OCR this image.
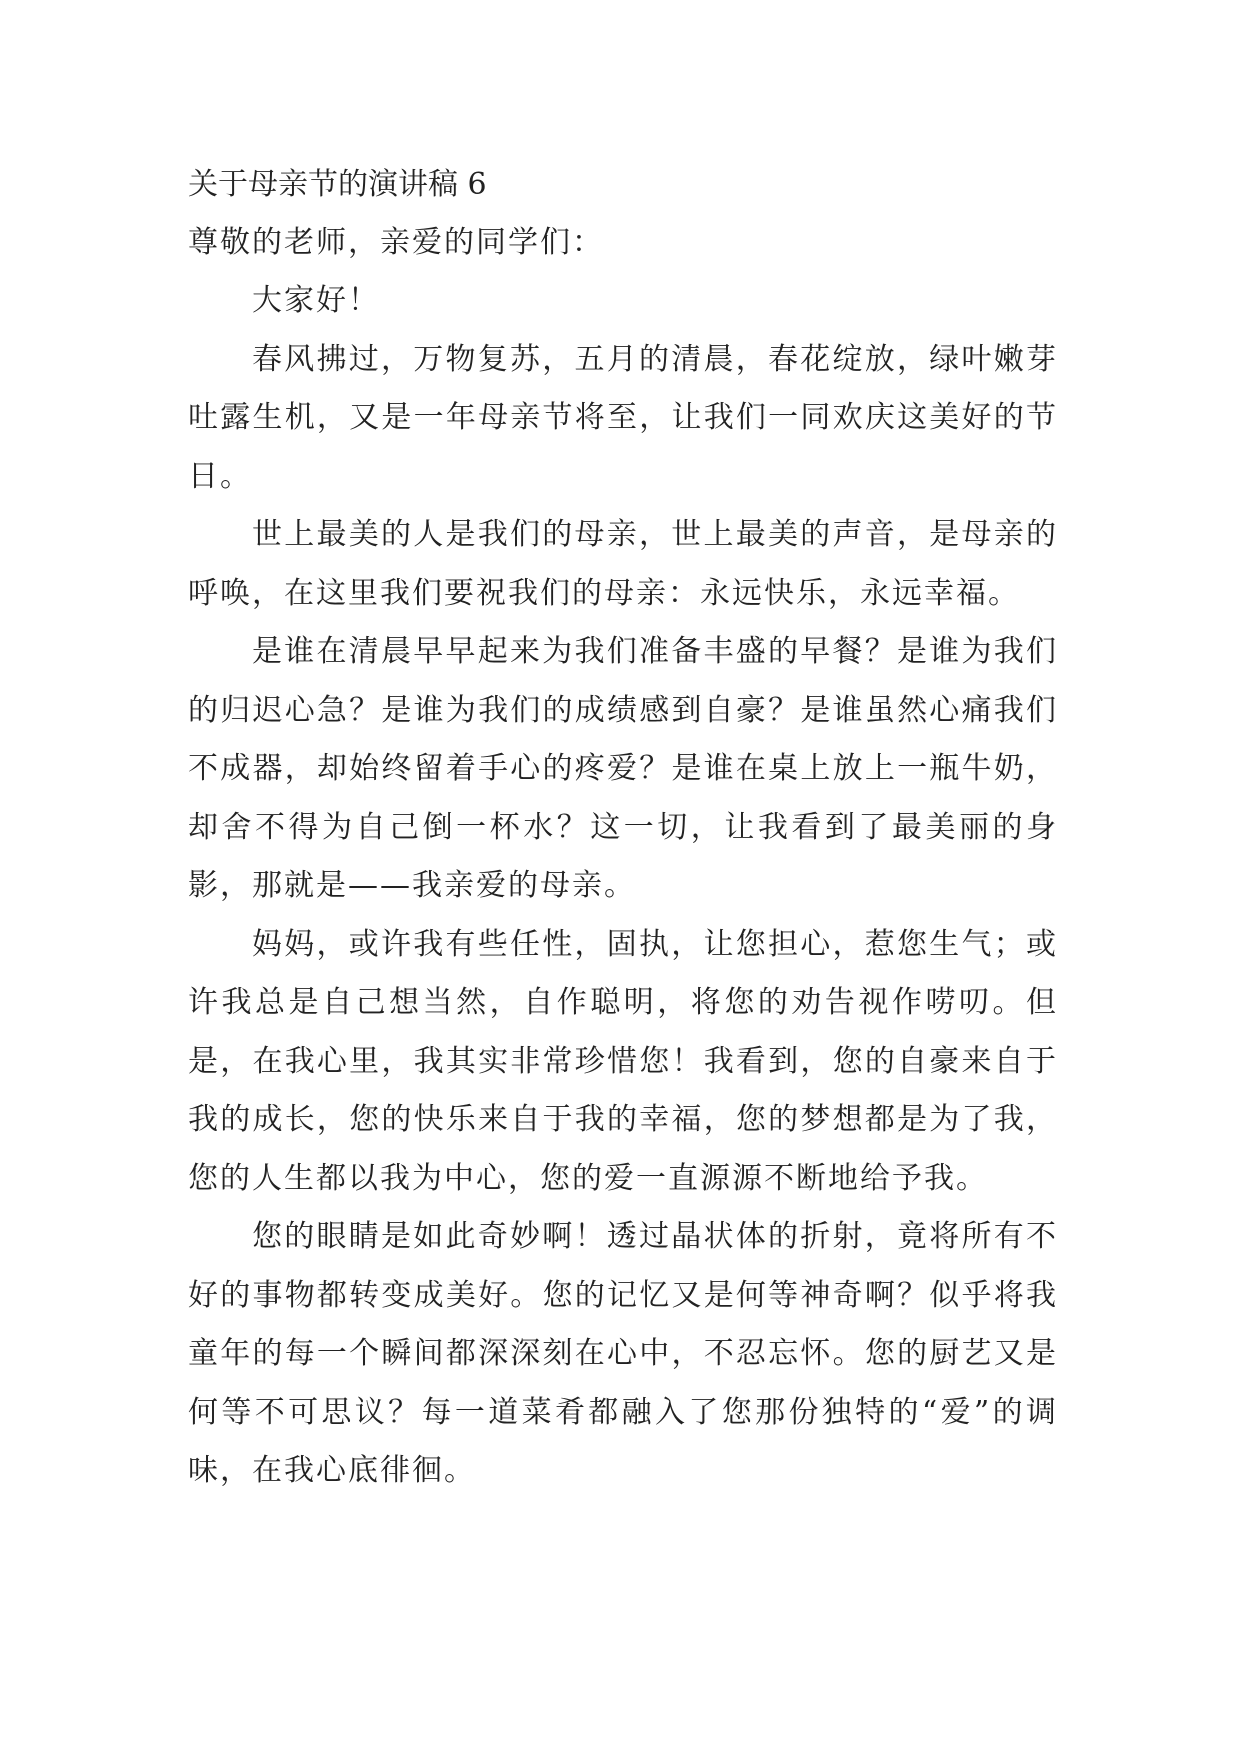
关于母亲节的演讲稿 6
尊敬的老师，亲爱的同学们：

大家好！

春风拂过，万物复苏，五月的清晨，春花绽放，绿叶嫩芽吐露生机，又是一年母亲节将至，让我们一同欢庆这美好的节日。

世上最美的人是我们的母亲，世上最美的声音，是母亲的呼唤，在这里我们要祝我们的母亲：永远快乐，永远幸福。

是谁在清晨早早起来为我们准备丰盛的早餐？是谁为我们的归迟心急？是谁为我们的成绩感到自豪？是谁虽然心痛我们不成器，却始终留着手心的疼爱？是谁在桌上放上一瓶牛奶，却舍不得为自己倒一杯水？这一切，让我看到了最美丽的身影，那就是——我亲爱的母亲。

妈妈，或许我有些任性，固执，让您担心，惹您生气；或许我总是自己想当然，自作聪明，将您的劝告视作唠叨。但是，在我心里，我其实非常珍惜您！我看到，您的自豪来自于我的成长，您的快乐来自于我的幸福，您的梦想都是为了我，您的人生都以我为中心，您的爱一直源源不断地给予我。

您的眼睛是如此奇妙啊！透过晶状体的折射，竟将所有不好的事物都转变成美好。您的记忆又是何等神奇啊？似乎将我童年的每一个瞬间都深深刻在心中，不忍忘怀。您的厨艺又是何等不可思议？每一道菜肴都融入了您那份独特的“爱”的调味，在我心底徘徊。
